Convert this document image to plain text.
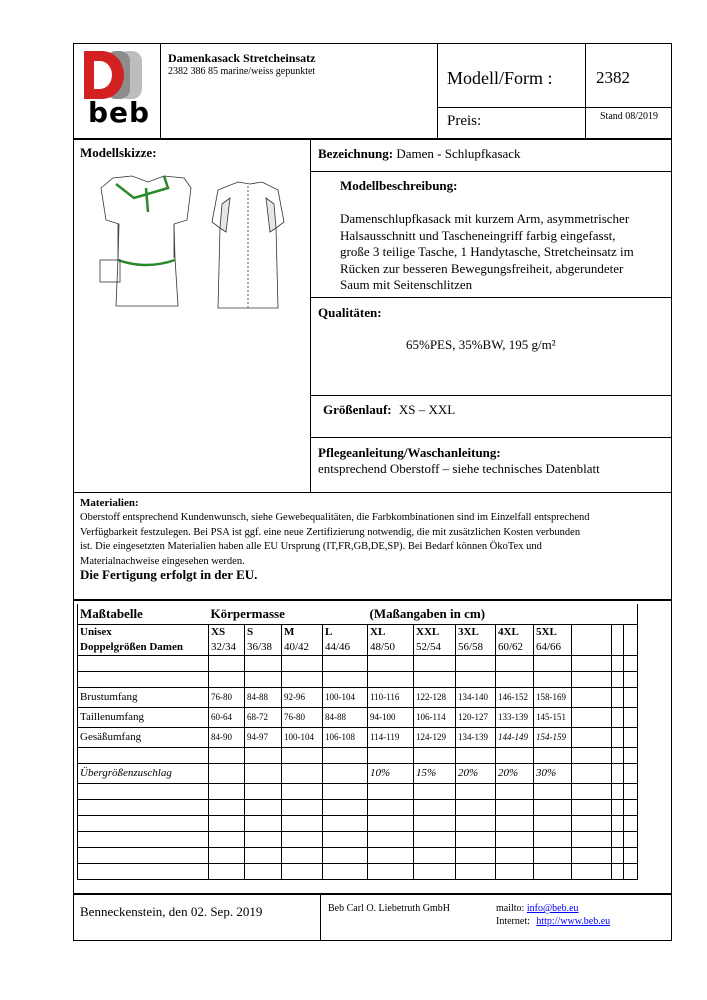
beb
Damenkasack Stretcheinsatz
2382 386 85 marine/weiss gepunktet	Modell/Form :	2382
Preis:	Stand 08/2019
Modellskizze:	Bezeichnung: Damen - Schlupfkasack
Modellbeschreibung:
Damenschlupfkasack mit kurzem Arm, asymmetrischer
Halsausschnitt und Tascheneingriff farbig eingefasst,
große 3 teilige Tasche, 1 Handytasche, Stretcheinsatz im
Rücken zur besseren Bewegungsfreiheit, abgerundeter
Saum mit Seitenschlitzen
Qualitäten:
65%PES, 35%BW, 195 g/m²
Größenlauf: XS – XXL
Pflegeanleitung/Waschanleitung:
entsprechend Oberstoff – siehe technisches Datenblatt
Materialien:
Oberstoff entsprechend Kundenwunsch, siehe Gewebequalitäten, die Farbkombinationen sind im Einzelfall entsprechend
Verfügbarkeit festzulegen. Bei PSA ist ggf. eine neue Zertifizierung notwendig, die mit zusätzlichen Kosten verbunden
ist. Die eingesetzten Materialien haben alle EU Ursprung (IT,FR,GB,DE,SP). Bei Bedarf können ÖkoTex und
Materialnachweise eingesehen werden.
Die Fertigung erfolgt in der EU.
Maßtabelle	Körpermasse				(Maßangaben in cm)							
Unisex	XS	S	M	L	XL	XXL	3XL	4XL	5XL			
Doppelgrößen Damen	32/34	36/38	40/42	44/46	48/50	52/54	56/58	60/62	64/66			

Brustumfang	76-80	84-88	92-96	100-104	110-116	122-128	134-140	146-152	158-169			
Taillenumfang	60-64	68-72	76-80	84-88	94-100	106-114	120-127	133-139	145-151			
Gesäßumfang	84-90	94-97	100-104	106-108	114-119	124-129	134-139	144-149	154-159			

Übergrößenzuschlag					10%	15%	20%	20%	30%			

Benneckenstein, den 02. Sep. 2019	Beb Carl O. Liebetruth GmbH	mailto: info@beb.eu
Internet: http://www.beb.eu
